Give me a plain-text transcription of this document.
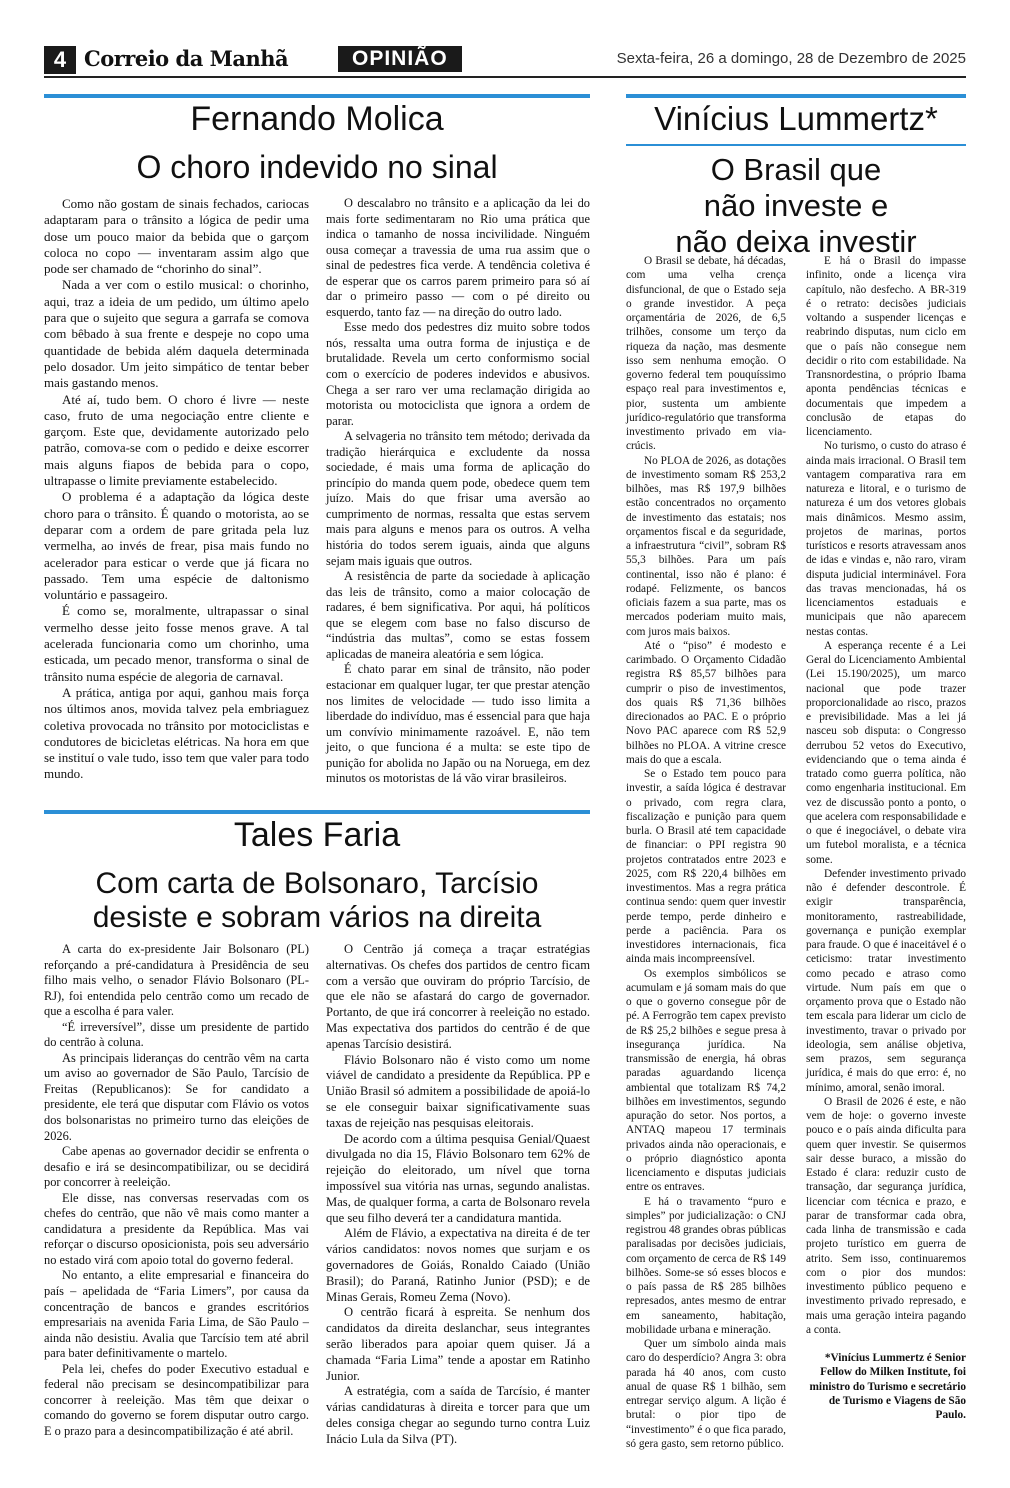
4 Correio da Manhã	OPINIÃO	Sexta-feira, 26 a domingo, 28 de Dezembro de 2025
Fernando Molica
O choro indevido no sinal

Como não gostam de sinais fechados, cariocas adaptaram para o trânsito a lógica de pedir uma dose um pouco maior da bebida que o garçom coloca no copo — inventaram assim algo que pode ser chamado de “chorinho do sinal”.

Nada a ver com o estilo musical: o chorinho, aqui, traz a ideia de um pedido, um último apelo para que o sujeito que segura a garrafa se comova com bêbado à sua frente e despeje no copo uma quantidade de bebida além daquela determinada pelo dosador. Um jeito simpático de tentar beber mais gastando menos.

Até aí, tudo bem. O choro é livre — neste caso, fruto de uma negociação entre cliente e garçom. Este que, devidamente autorizado pelo patrão, comova-se com o pedido e deixe escorrer mais alguns fiapos de bebida para o copo, ultrapasse o limite previamente estabelecido.

O problema é a adaptação da lógica deste choro para o trânsito. É quando o motorista, ao se deparar com a ordem de pare gritada pela luz vermelha, ao invés de frear, pisa mais fundo no acelerador para esticar o verde que já ficara no passado. Tem uma espécie de daltonismo voluntário e passageiro.

É como se, moralmente, ultrapassar o sinal vermelho desse jeito fosse menos grave. A tal acelerada funcionaria como um chorinho, uma esticada, um pecado menor, transforma o sinal de trânsito numa espécie de alegoria de carnaval.

A prática, antiga por aqui, ganhou mais força nos últimos anos, movida talvez pela embriaguez coletiva provocada no trânsito por motociclistas e condutores de bicicletas elétricas. Na hora em que se instituí o vale tudo, isso tem que valer para todo mundo.

O descalabro no trânsito e a aplicação da lei do mais forte sedimentaram no Rio uma prática que indica o tamanho de nossa incivilidade. Ninguém ousa começar a travessia de uma rua assim que o sinal de pedestres fica verde. A tendência coletiva é de esperar que os carros parem primeiro para só aí dar o primeiro passo — com o pé direito ou esquerdo, tanto faz — na direção do outro lado.

Esse medo dos pedestres diz muito sobre todos nós, ressalta uma outra forma de injustiça e de brutalidade. Revela um certo conformismo social com o exercício de poderes indevidos e abusivos. Chega a ser raro ver uma reclamação dirigida ao motorista ou motociclista que ignora a ordem de parar.

A selvageria no trânsito tem método; derivada da tradição hierárquica e excludente da nossa sociedade, é mais uma forma de aplicação do princípio do manda quem pode, obedece quem tem juízo. Mais do que frisar uma aversão ao cumprimento de normas, ressalta que estas servem mais para alguns e menos para os outros. A velha história do todos serem iguais, ainda que alguns sejam mais iguais que outros.

A resistência de parte da sociedade à aplicação das leis de trânsito, como a maior colocação de radares, é bem significativa. Por aqui, há políticos que se elegem com base no falso discurso de “indústria das multas”, como se estas fossem aplicadas de maneira aleatória e sem lógica.

É chato parar em sinal de trânsito, não poder estacionar em qualquer lugar, ter que prestar atenção nos limites de velocidade — tudo isso limita a liberdade do indivíduo, mas é essencial para que haja um convívio minimamente razoável. E, não tem jeito, o que funciona é a multa: se este tipo de punição for abolida no Japão ou na Noruega, em dez minutos os motoristas de lá vão virar brasileiros.

Tales Faria
Com carta de Bolsonaro, Tarcísio
desiste e sobram vários na direita

A carta do ex-presidente Jair Bolsonaro (PL) reforçando a pré-candidatura à Presidência de seu filho mais velho, o senador Flávio Bolsonaro (PL-RJ), foi entendida pelo centrão como um recado de que a escolha é para valer.

“É irreversível”, disse um presidente de partido do centrão à coluna.

As principais lideranças do centrão vêm na carta um aviso ao governador de São Paulo, Tarcísio de Freitas (Republicanos): Se for candidato a presidente, ele terá que disputar com Flávio os votos dos bolsonaristas no primeiro turno das eleições de 2026.

Cabe apenas ao governador decidir se enfrenta o desafio e irá se desincompatibilizar, ou se decidirá por concorrer à reeleição.

Ele disse, nas conversas reservadas com os chefes do centrão, que não vê mais como manter a candidatura a presidente da República. Mas vai reforçar o discurso oposicionista, pois seu adversário no estado virá com apoio total do governo federal.

No entanto, a elite empresarial e financeira do país – apelidada de “Faria Limers”, por causa da concentração de bancos e grandes escritórios empresariais na avenida Faria Lima, de São Paulo – ainda não desistiu. Avalia que Tarcísio tem até abril para bater definitivamente o martelo.

Pela lei, chefes do poder Executivo estadual e federal não precisam se desincompatibilizar para concorrer à reeleição. Mas têm que deixar o comando do governo se forem disputar outro cargo. E o prazo para a desincompatibilização é até abril.

O Centrão já começa a traçar estratégias alternativas. Os chefes dos partidos de centro ficam com a versão que ouviram do próprio Tarcísio, de que ele não se afastará do cargo de governador. Portanto, de que irá concorrer à reeleição no estado. Mas expectativa dos partidos do centrão é de que apenas Tarcísio desistirá.

Flávio Bolsonaro não é visto como um nome viável de candidato a presidente da República. PP e União Brasil só admitem a possibilidade de apoiá-lo se ele conseguir baixar significativamente suas taxas de rejeição nas pesquisas eleitorais.

De acordo com a última pesquisa Genial/Quaest divulgada no dia 15, Flávio Bolsonaro tem 62% de rejeição do eleitorado, um nível que torna impossível sua vitória nas urnas, segundo analistas. Mas, de qualquer forma, a carta de Bolsonaro revela que seu filho deverá ter a candidatura mantida.

Além de Flávio, a expectativa na direita é de ter vários candidatos: novos nomes que surjam e os governadores de Goiás, Ronaldo Caiado (União Brasil); do Paraná, Ratinho Junior (PSD); e de Minas Gerais, Romeu Zema (Novo).

O centrão ficará à espreita. Se nenhum dos candidatos da direita deslanchar, seus integrantes serão liberados para apoiar quem quiser. Já a chamada “Faria Lima” tende a apostar em Ratinho Junior.

A estratégia, com a saída de Tarcísio, é manter várias candidaturas à direita e torcer para que um deles consiga chegar ao segundo turno contra Luiz Inácio Lula da Silva (PT).

Vinícius Lummertz*
O Brasil que
não investe e
não deixa investir

O Brasil se debate, há décadas, com uma velha crença disfuncional, de que o Estado seja o grande investidor. A peça orçamentária de 2026, de 6,5 trilhões, consome um terço da riqueza da nação, mas desmente isso sem nenhuma emoção. O governo federal tem pouquíssimo espaço real para investimentos e, pior, sustenta um ambiente jurídico-regulatório que transforma investimento privado em via-crúcis.

No PLOA de 2026, as dotações de investimento somam R$ 253,2 bilhões, mas R$ 197,9 bilhões estão concentrados no orçamento de investimento das estatais; nos orçamentos fiscal e da seguridade, a infraestrutura “civil”, sobram R$ 55,3 bilhões. Para um país continental, isso não é plano: é rodapé. Felizmente, os bancos oficiais fazem a sua parte, mas os mercados poderiam muito mais, com juros mais baixos.

Até o “piso” é modesto e carimbado. O Orçamento Cidadão registra R$ 85,57 bilhões para cumprir o piso de investimentos, dos quais R$ 71,36 bilhões direcionados ao PAC. E o próprio Novo PAC aparece com R$ 52,9 bilhões no PLOA. A vitrine cresce mais do que a escala.

Se o Estado tem pouco para investir, a saída lógica é destravar o privado, com regra clara, fiscalização e punição para quem burla. O Brasil até tem capacidade de financiar: o PPI registra 90 projetos contratados entre 2023 e 2025, com R$ 220,4 bilhões em investimentos. Mas a regra prática continua sendo: quem quer investir perde tempo, perde dinheiro e perde a paciência. Para os investidores internacionais, fica ainda mais incompreensível.

Os exemplos simbólicos se acumulam e já somam mais do que o que o governo consegue pôr de pé. A Ferrogrão tem capex previsto de R$ 25,2 bilhões e segue presa à insegurança jurídica. Na transmissão de energia, há obras paradas aguardando licença ambiental que totalizam R$ 74,2 bilhões em investimentos, segundo apuração do setor. Nos portos, a ANTAQ mapeou 17 terminais privados ainda não operacionais, e o próprio diagnóstico aponta licenciamento e disputas judiciais entre os entraves.

E há o travamento “puro e simples” por judicialização: o CNJ registrou 48 grandes obras públicas paralisadas por decisões judiciais, com orçamento de cerca de R$ 149 bilhões. Some-se só esses blocos e o país passa de R$ 285 bilhões represados, antes mesmo de entrar em saneamento, habitação, mobilidade urbana e mineração.

Quer um símbolo ainda mais caro do desperdício? Angra 3: obra parada há 40 anos, com custo anual de quase R$ 1 bilhão, sem entregar serviço algum. A lição é brutal: o pior tipo de “investimento” é o que fica parado, só gera gasto, sem retorno público.

E há o Brasil do impasse infinito, onde a licença vira capítulo, não desfecho. A BR-319 é o retrato: decisões judiciais voltando a suspender licenças e reabrindo disputas, num ciclo em que o país não consegue nem decidir o rito com estabilidade. Na Transnordestina, o próprio Ibama aponta pendências técnicas e documentais que impedem a conclusão de etapas do licenciamento.

No turismo, o custo do atraso é ainda mais irracional. O Brasil tem vantagem comparativa rara em natureza e litoral, e o turismo de natureza é um dos vetores globais mais dinâmicos. Mesmo assim, projetos de marinas, portos turísticos e resorts atravessam anos de idas e vindas e, não raro, viram disputa judicial interminável. Fora das travas mencionadas, há os licenciamentos estaduais e municipais que não aparecem nestas contas.

A esperança recente é a Lei Geral do Licenciamento Ambiental (Lei 15.190/2025), um marco nacional que pode trazer proporcionalidade ao risco, prazos e previsibilidade. Mas a lei já nasceu sob disputa: o Congresso derrubou 52 vetos do Executivo, evidenciando que o tema ainda é tratado como guerra política, não como engenharia institucional. Em vez de discussão ponto a ponto, o que acelera com responsabilidade e o que é inegociável, o debate vira um futebol moralista, e a técnica some.

Defender investimento privado não é defender descontrole. É exigir transparência, monitoramento, rastreabilidade, governança e punição exemplar para fraude. O que é inaceitável é o ceticismo: tratar investimento como pecado e atraso como virtude. Num país em que o orçamento prova que o Estado não tem escala para liderar um ciclo de investimento, travar o privado por ideologia, sem análise objetiva, sem prazos, sem segurança jurídica, é mais do que erro: é, no mínimo, amoral, senão imoral.

O Brasil de 2026 é este, e não vem de hoje: o governo investe pouco e o país ainda dificulta para quem quer investir. Se quisermos sair desse buraco, a missão do Estado é clara: reduzir custo de transação, dar segurança jurídica, licenciar com técnica e prazo, e parar de transformar cada obra, cada linha de transmissão e cada projeto turístico em guerra de atrito. Sem isso, continuaremos com o pior dos mundos: investimento público pequeno e investimento privado represado, e mais uma geração inteira pagando a conta.

*Vinícius Lummertz é Senior Fellow do Milken Institute, foi ministro do Turismo e secretário de Turismo e Viagens de São Paulo.
